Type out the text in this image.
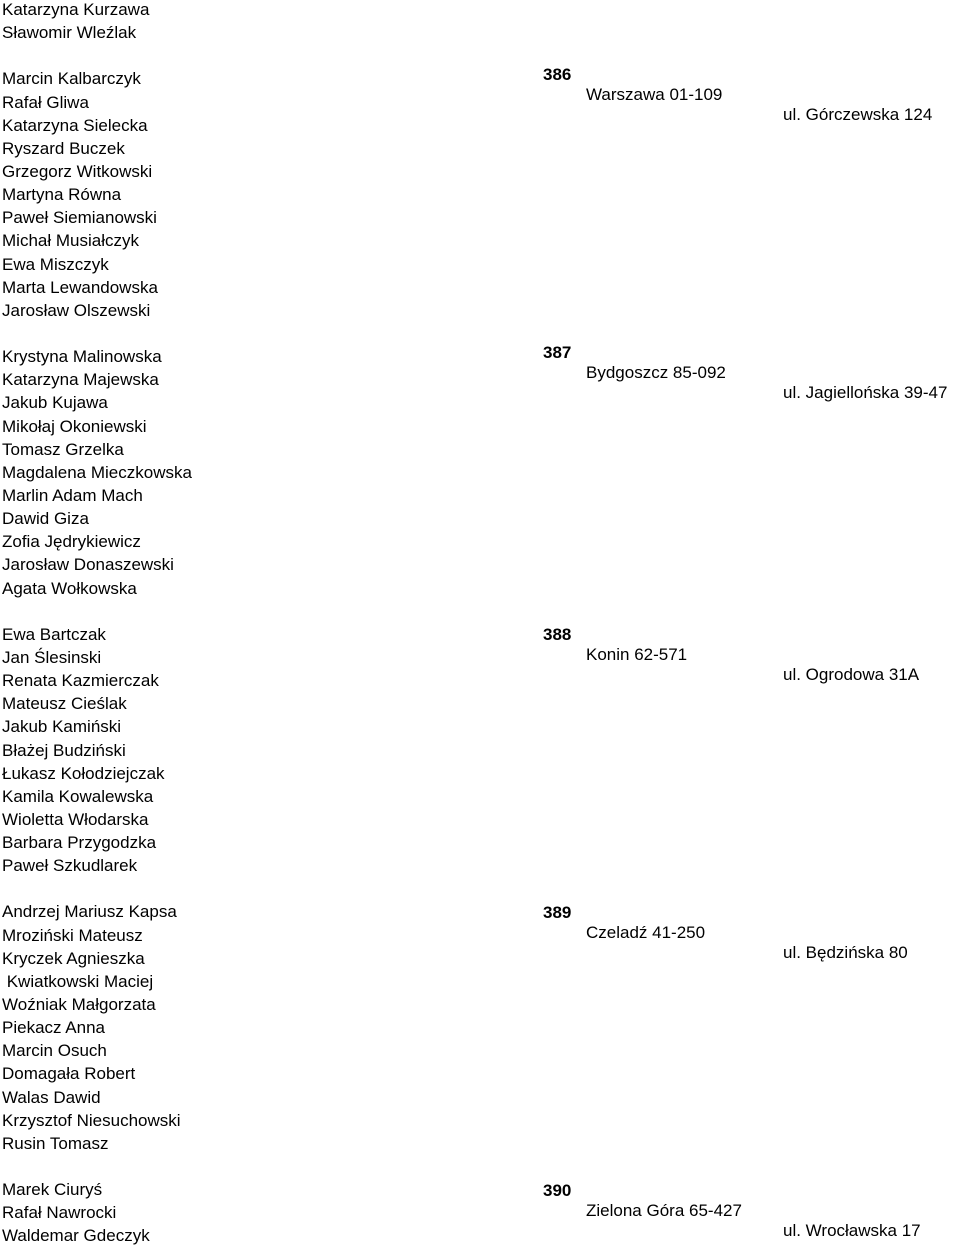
Katarzyna Kurzawa
Sławomir Wleźlak
Marcin Kalbarczyk
Rafał Gliwa
Katarzyna Sielecka
Ryszard Buczek
Grzegorz Witkowski
Martyna Równa
Paweł Siemianowski
Michał Musiałczyk
Ewa Miszczyk
Marta Lewandowska
Jarosław Olszewski
Krystyna Malinowska
Katarzyna Majewska
Jakub Kujawa
Mikołaj Okoniewski
Tomasz Grzelka
Magdalena Mieczkowska
Marlin Adam Mach
Dawid Giza
Zofia Jędrykiewicz
Jarosław Donaszewski
Agata Wołkowska
Ewa Bartczak
Jan Ślesinski
Renata Kazmierczak
Mateusz Cieślak
Jakub Kamiński
Błażej Budziński
Łukasz Kołodziejczak
Kamila Kowalewska
Wioletta Włodarska
Barbara Przygodzka
Paweł Szkudlarek
Andrzej Mariusz Kapsa
Mroziński Mateusz
Kryczek Agnieszka
Kwiatkowski Maciej
Woźniak Małgorzata
Piekacz Anna
Marcin Osuch
Domagała Robert
Walas Dawid
Krzysztof Niesuchowski
Rusin Tomasz
Marek Ciuryś
Rafał Nawrocki
Waldemar Gdeczyk

386

Warszawa 01-109

ul. Górczewska 124

387

Bydgoszcz 85-092

ul. Jagiellońska 39-47

388

Konin 62-571

ul. Ogrodowa 31A

389

Czeladź 41-250

ul. Będzińska 80

390

Zielona Góra 65-427

ul. Wrocławska 17
